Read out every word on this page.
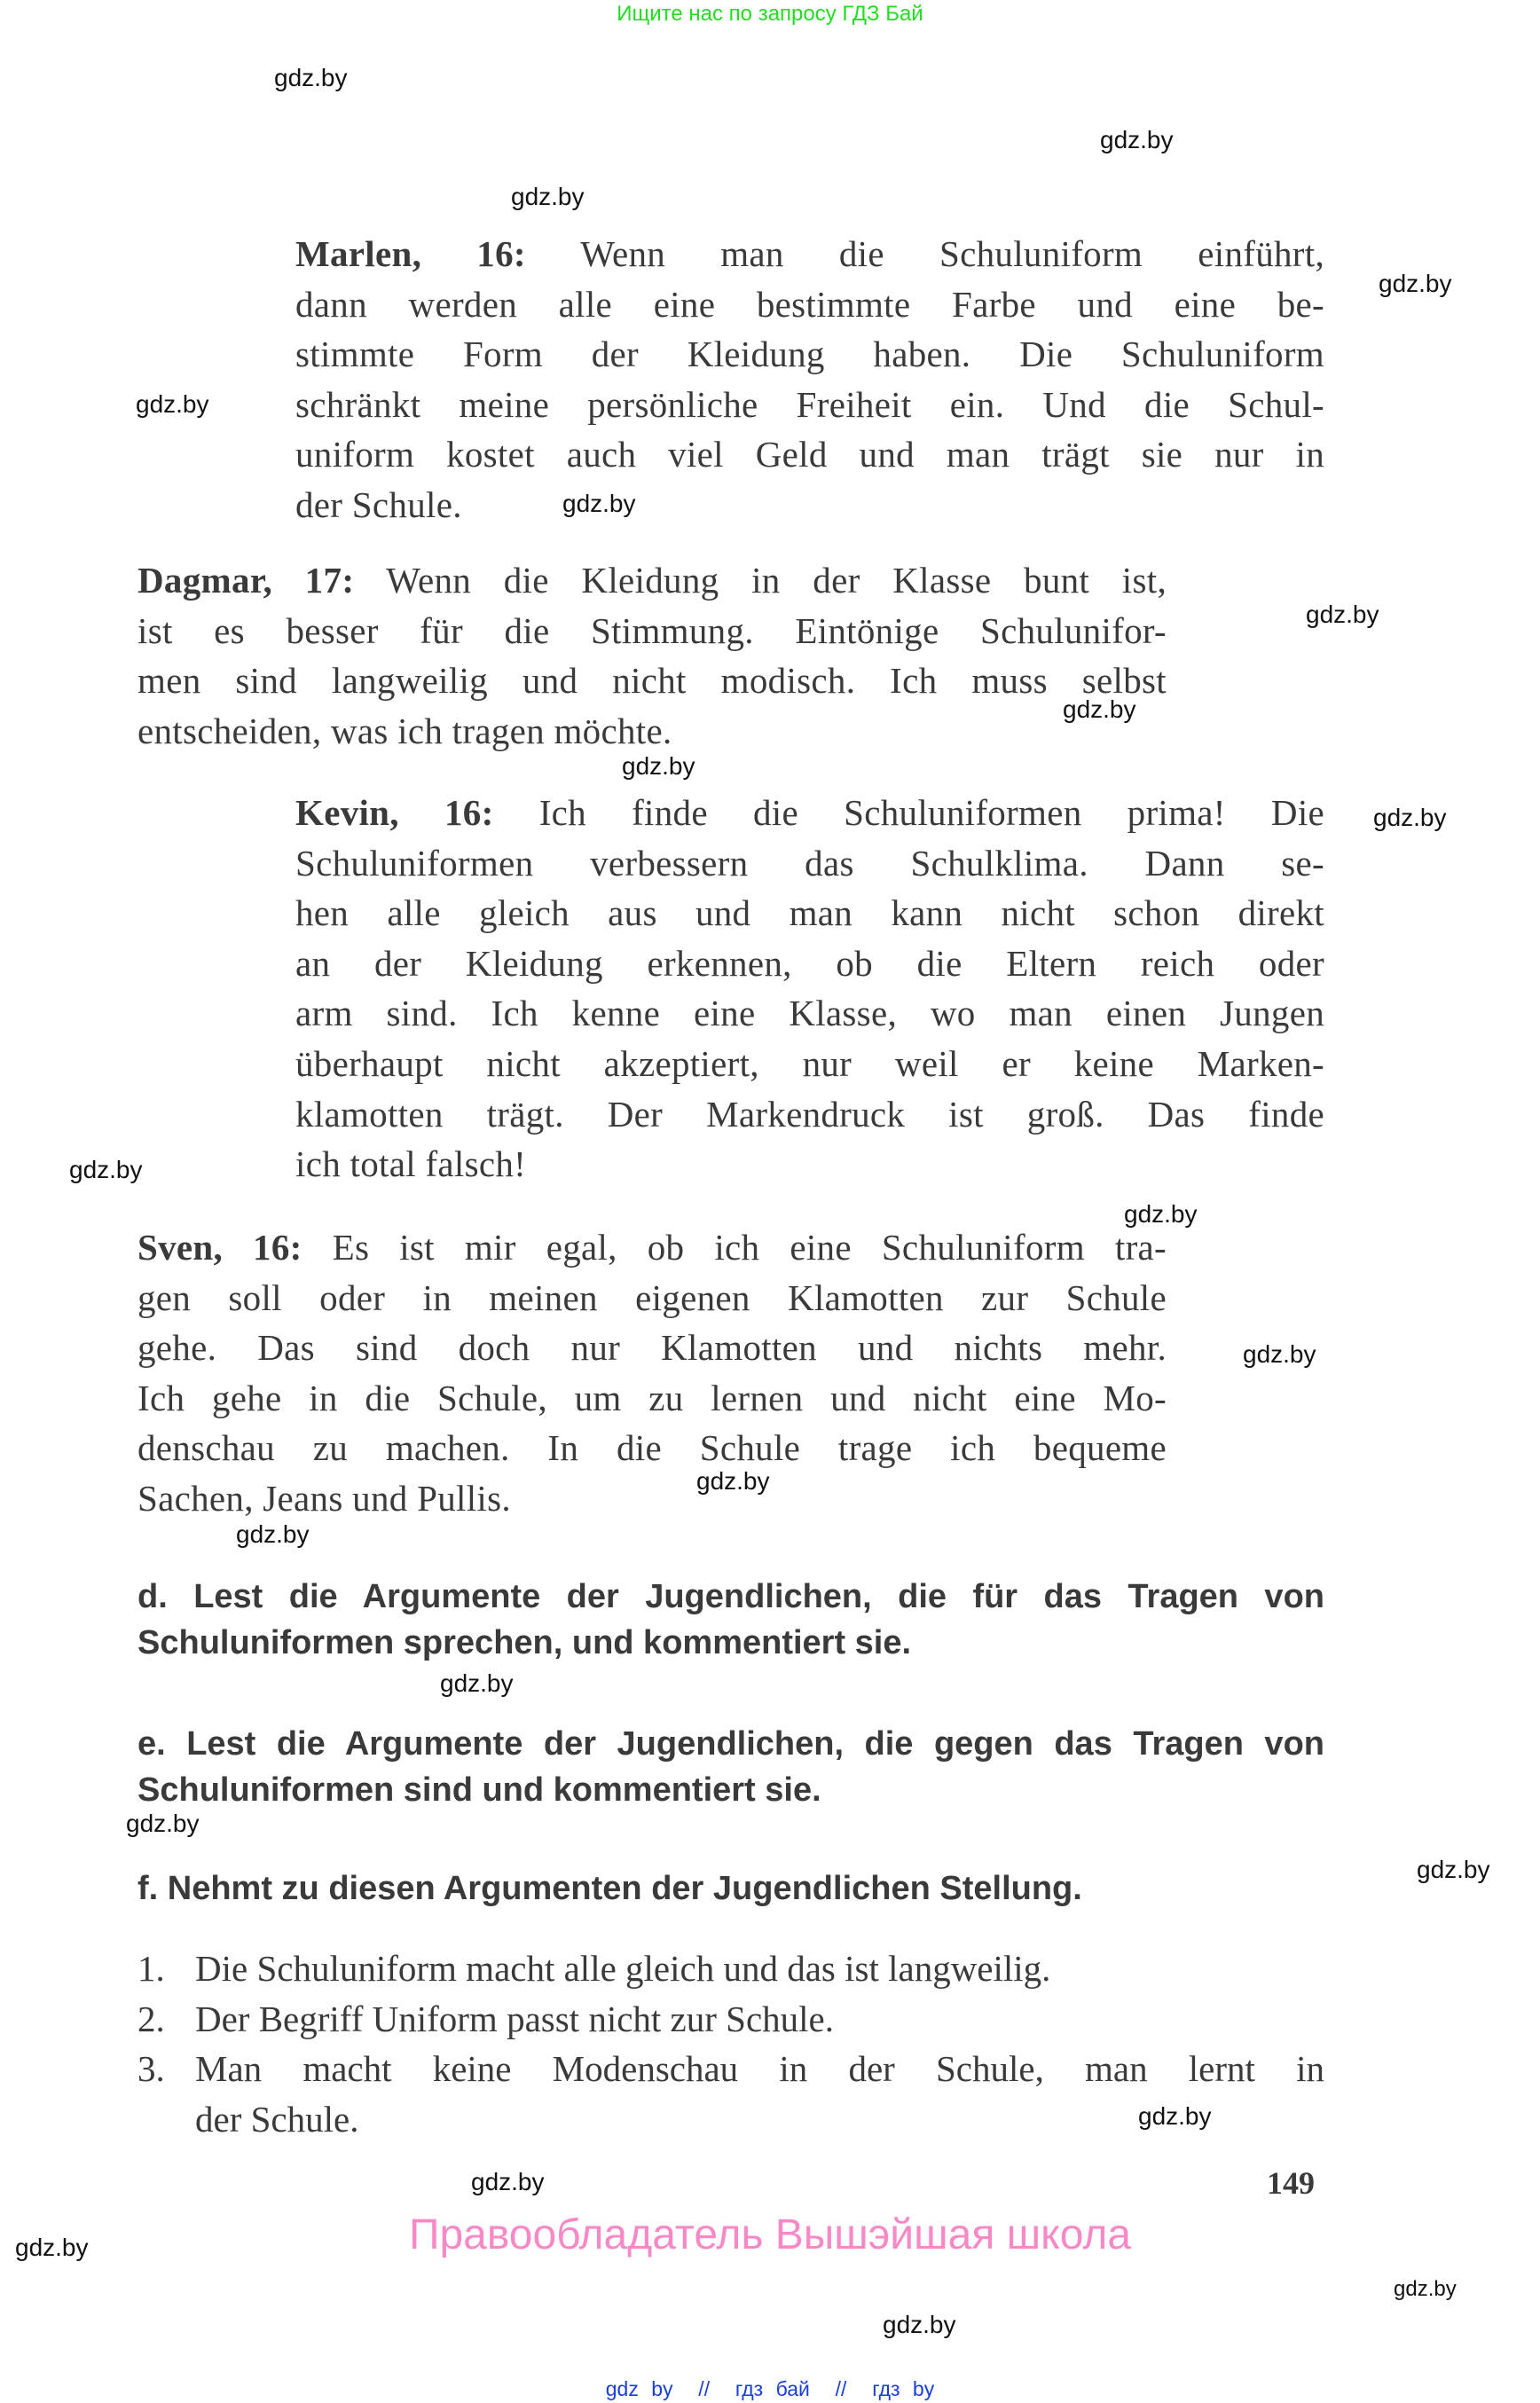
Ищите нас по запросу ГДЗ Бай
gdz.by
gdz.by
gdz.by
gdz.by
gdz.by
gdz.by
gdz.by
gdz.by
gdz.by
gdz.by
gdz.by
gdz.by
gdz.by
gdz.by
gdz.by
gdz.by
gdz.by
gdz.by
gdz.by
gdz.by
gdz.by
gdz.by
gdz.by
Marlen, 16: Wenn man die Schuluniform einführt,
dann werden alle eine bestimmte Farbe und eine be-
stimmte Form der Kleidung haben. Die Schuluniform
schränkt meine persönliche Freiheit ein. Und die Schul-
uniform kostet auch viel Geld und man trägt sie nur in
der Schule.
Dagmar, 17: Wenn die Kleidung in der Klasse bunt ist,
ist es besser für die Stimmung. Eintönige Schulunifor-
men sind langweilig und nicht modisch. Ich muss selbst
entscheiden, was ich tragen möchte.
Kevin, 16: Ich finde die Schuluniformen prima! Die
Schuluniformen verbessern das Schulklima. Dann se-
hen alle gleich aus und man kann nicht schon direkt
an der Kleidung erkennen, ob die Eltern reich oder
arm sind. Ich kenne eine Klasse, wo man einen Jungen
überhaupt nicht akzeptiert, nur weil er keine Marken-
klamotten trägt. Der Markendruck ist groß. Das finde
ich total falsch!
Sven, 16: Es ist mir egal, ob ich eine Schuluniform tra-
gen soll oder in meinen eigenen Klamotten zur Schule
gehe. Das sind doch nur Klamotten und nichts mehr.
Ich gehe in die Schule, um zu lernen und nicht eine Mo-
denschau zu machen. In die Schule trage ich bequeme
Sachen, Jeans und Pullis.
d. Lest die Argumente der Jugendlichen, die für das Tragen von
Schuluniformen sprechen, und kommentiert sie.
e. Lest die Argumente der Jugendlichen, die gegen das Tragen von
Schuluniformen sind und kommentiert sie.
f. Nehmt zu diesen Argumenten der Jugendlichen Stellung.
1. Die Schuluniform macht alle gleich und das ist langweilig.
2. Der Begriff Uniform passt nicht zur Schule.
3. Man macht keine Modenschau in der Schule, man lernt in
der Schule.
149
Правообладатель Вышэйшая школа
gdz by  //  гдз бай  //  гдз by
